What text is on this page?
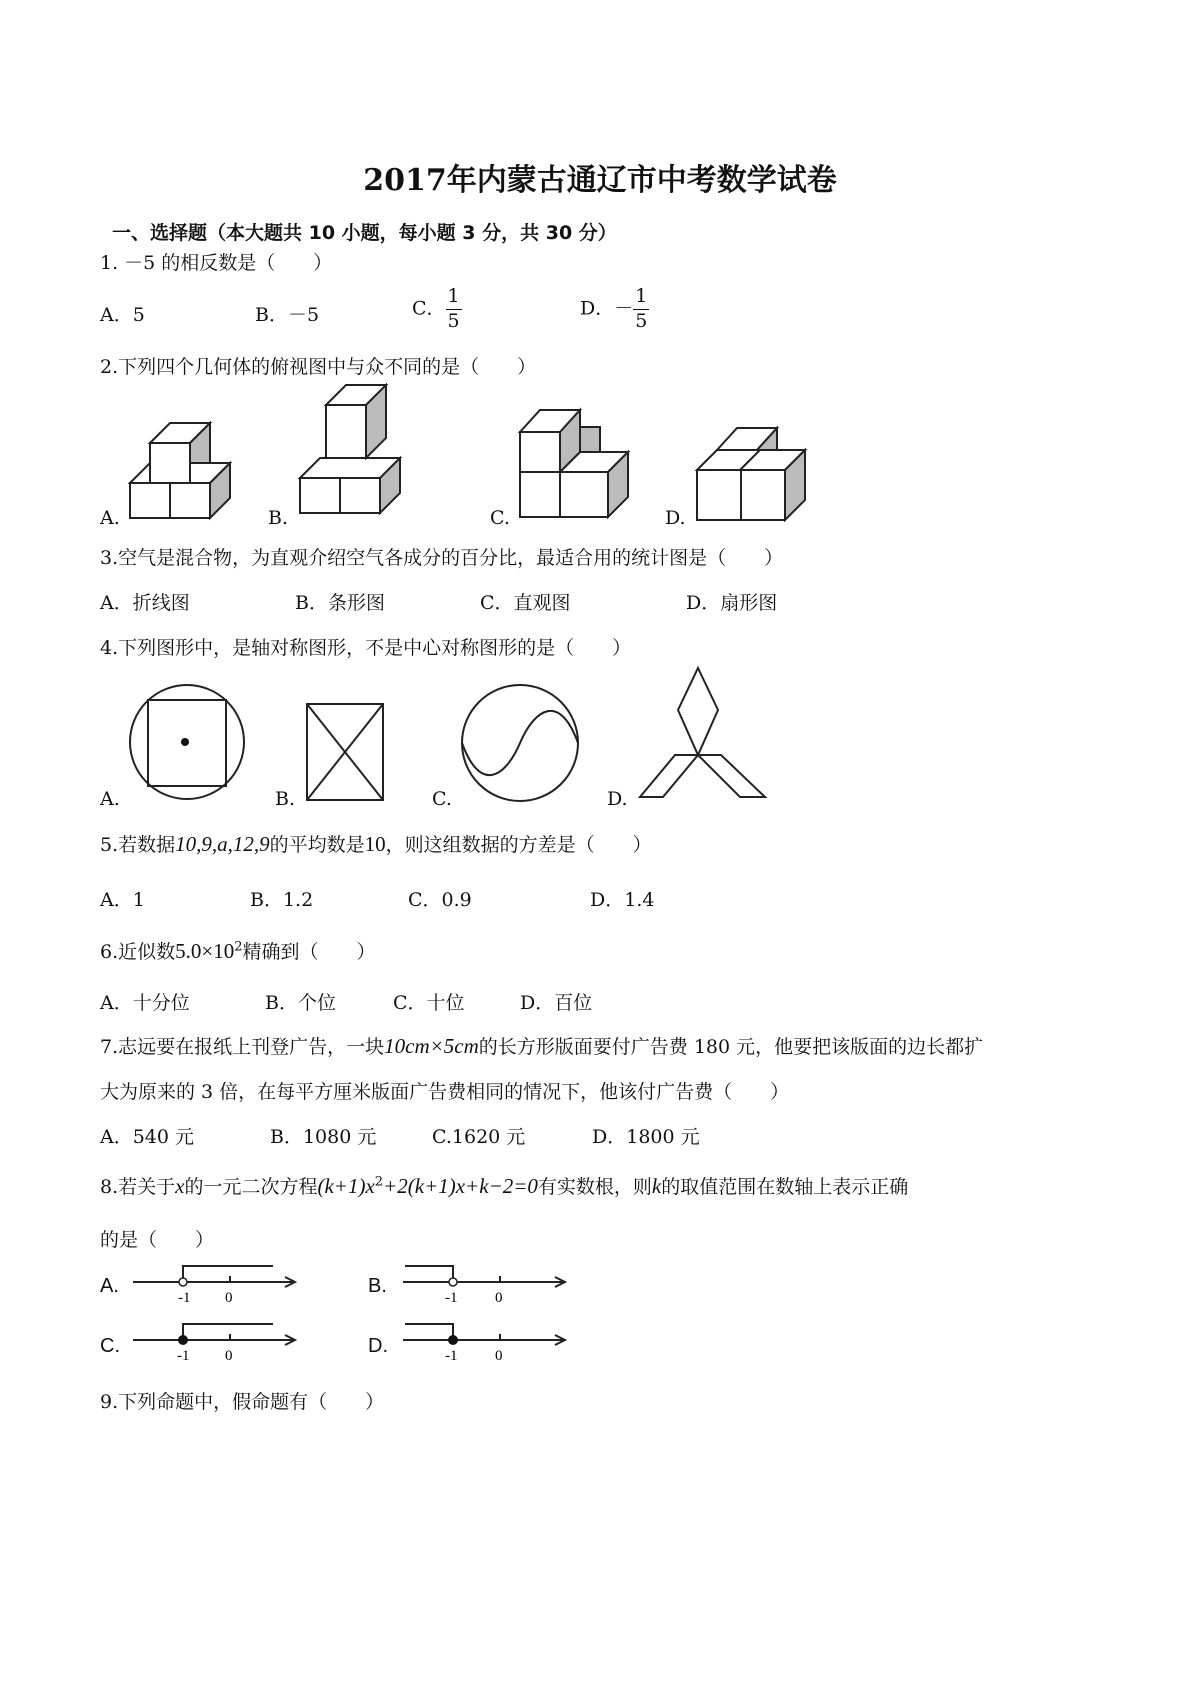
2017年内蒙古通辽市中考数学试卷
一、选择题（本大题共 10 小题，每小题 3 分，共 30 分）
1. －5 的相反数是（　　）
A．5	B．－5	C． $\frac{1}{5}$	D．－ $\frac{1}{5}$
2.下列四个几何体的俯视图中与众不同的是（　　）
A.	B.	C.	D.
3.空气是混合物，为直观介绍空气各成分的百分比，最适合用的统计图是（　　）
A．折线图	B．条形图	C．直观图	D．扇形图
4.下列图形中，是轴对称图形，不是中心对称图形的是（　　）
A.	B.	C.	D.
5.若数据10,9,a,12,9的平均数是10，则这组数据的方差是（　　）
A．1	B．1.2	C．0.9	D．1.4
6.近似数$5.0\times 10^2$精确到（　　）
A．十分位	B．个位	C．十位	D．百位
7.志远要在报纸上刊登广告，一块10cm×5cm的长方形版面要付广告费 180 元，他要把该版面的边长都扩
大为原来的 3 倍，在每平方厘米版面广告费相同的情况下，他该付广告费（　　）
A．540 元	B．1080 元	C.1620 元	D．1800 元
8.若关于x的一元二次方程$(k+1)x^2+2(k+1)x+k-2=0$有实数根，则k的取值范围在数轴上表示正确
的是（　　）
A.
-1 0
B.
-1	0
C.	-1 0	D.	-1	0
9.下列命题中，假命题有（　　）
